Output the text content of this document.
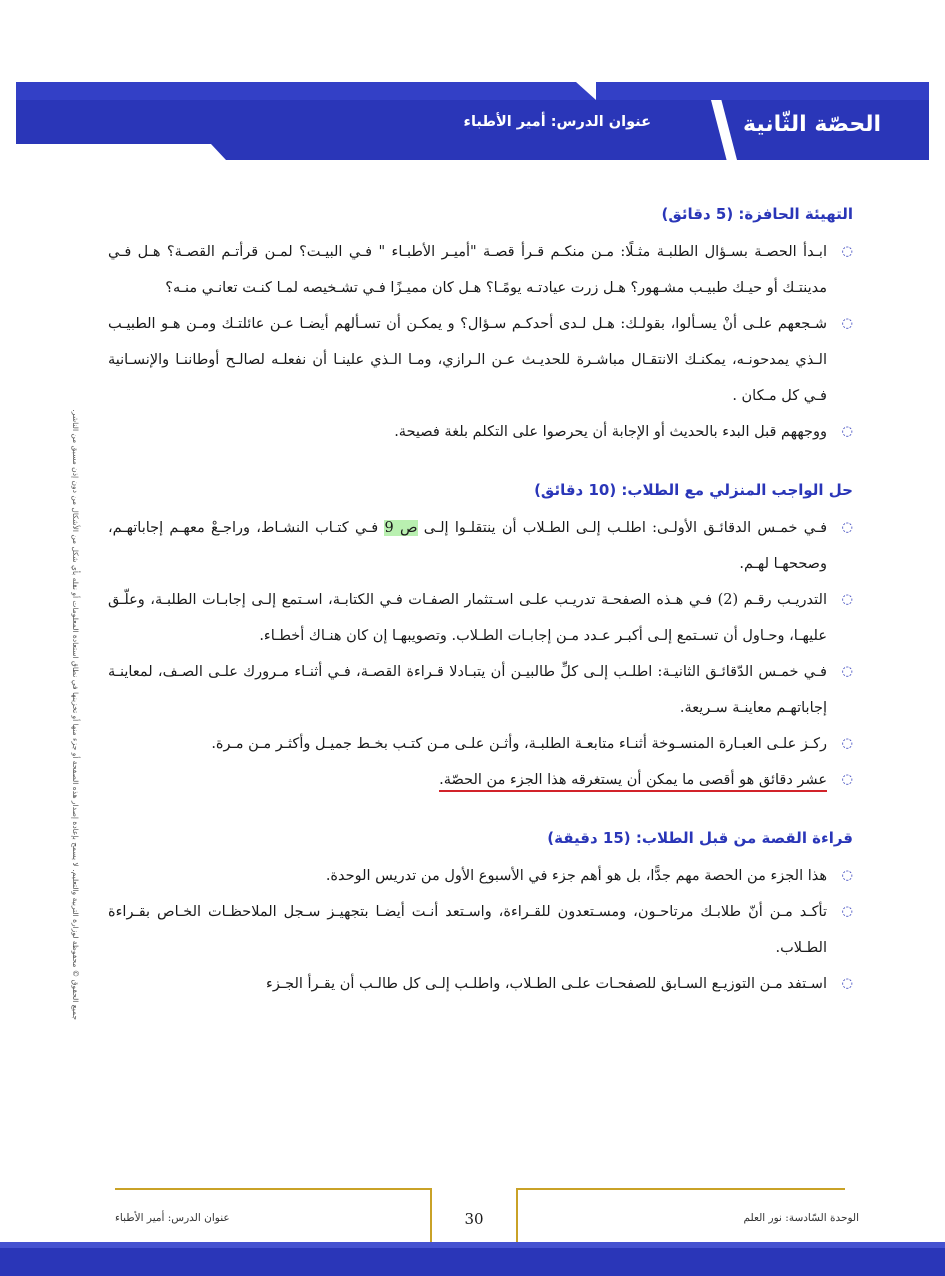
الحصّة الثّانية
عنوان الدرس: أمير الأطباء
جميع الحقوق © محفوظة لوزارة التربية والتعليم. لا يسمح بإعادة إصدار هذه الصفحة أو جزء منها أو تخزينها في نطاق استعادة المعلومات أو نقله بأي شكل من الأشكال من دون إذن مسبق من الناشر.
التهيئة الحافزة: (5 دقائق)
◌
ابـدأ الحصـة بسـؤال الطلبـة مثـلًا: مـن منكـم قـرأ قصـة "أميـر الأطبـاء " فـي البيـت؟ لمـن قرأتـم القصـة؟ هـل فـي مدينتـك أو حيـك طبيـب مشـهور؟ هـل زرت عيادتـه يومًـا؟ هـل كان مميـزًا فـي تشـخيصه لمـا كنـت تعانـي منـه؟
◌
شـجعهم علـى أنْ يسـألوا، بقولـك: هـل لـدى أحدكـم سـؤال؟ و يمكـن أن تسـألهم أيضـا عـن عائلتـك ومـن هـو الطبيـب الـذي يمدحونـه، يمكنـك الانتقـال مباشـرة للحديـث عـن الـرازي، ومـا الـذي علينـا أن نفعلـه لصالـح أوطاننـا والإنسـانية فـي كل مـكان .
◌
ووجههم قبل البدء بالحديث أو الإجابة أن يحرصوا على التكلم بلغة فصيحة.
حل الواجب المنزلي مع الطلاب: (10 دقائق)
◌
فـي خمـس الدقائـق الأولـى: اطلـب إلـى الطـلاب أن ينتقلـوا إلـى ص 9 فـي كتـاب النشـاط، وراجـعْ معهـم إجاباتهـم، وصححهـا لهـم.
◌
التدريـب رقـم (2) فـي هـذه الصفحـة تدريـب علـى اسـتثمار الصفـات فـي الكتابـة، اسـتمع إلـى إجابـات الطلبـة، وعلّـق عليهـا، وحـاول أن تسـتمع إلـى أكبـر عـدد مـن إجابـات الطـلاب. وتصويبهـا إن كان هنـاك أخطـاء.
◌
فـي خمـس الدّقائـق الثانيـة: اطلـب إلـى كلِّ طالبيـن أن يتبـادلا قـراءة القصـة، فـي أثنـاء مـرورك علـى الصـف، لمعاينـة إجاباتهـم معاينـة سـريعة.
◌
ركـز علـى العبـارة المنسـوخة أثنـاء متابعـة الطلبـة، وأثـن علـى مـن كتـب بخـط جميـل وأكثـر مـن مـرة.
◌
عشر دقائق هو أقصى ما يمكن أن يستغرقه هذا الجزء من الحصّة.
قراءة القصة من قبل الطلاب: (15 دقيقة)
◌
هذا الجزء من الحصة مهم جدًّا، بل هو أهم جزء في الأسبوع الأول من تدريس الوحدة.
◌
تأكـد مـن أنّ طلابـك مرتاحـون، ومسـتعدون للقـراءة، واسـتعد أنـت أيضـا بتجهيـز سـجل الملاحظـات الخـاص بقـراءة الطـلاب.
◌
اسـتفد مـن التوزيـع السـابق للصفحـات علـى الطـلاب، واطلـب إلـى كل طالـب أن يقـرأ الجـزء
30	الوحدة السّادسة: نور العلم
عنوان الدرس: أمير الأطباء
